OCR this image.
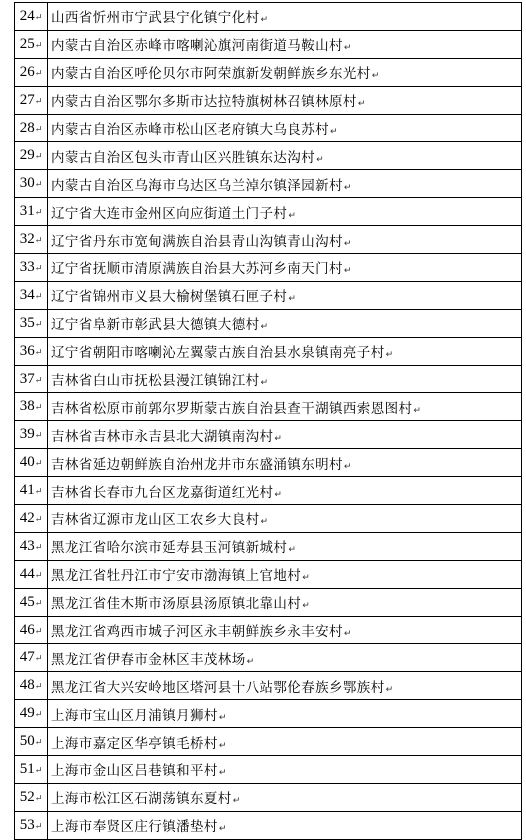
24↵	山西省忻州市宁武县宁化镇宁化村↵
25↵	内蒙古自治区赤峰市喀喇沁旗河南街道马鞍山村↵
26↵	内蒙古自治区呼伦贝尔市阿荣旗新发朝鲜族乡东光村↵
27↵	内蒙古自治区鄂尔多斯市达拉特旗树林召镇林原村↵
28↵	内蒙古自治区赤峰市松山区老府镇大乌良苏村↵
29↵	内蒙古自治区包头市青山区兴胜镇东达沟村↵
30↵	内蒙古自治区乌海市乌达区乌兰淖尔镇泽园新村↵
31↵	辽宁省大连市金州区向应街道土门子村↵
32↵	辽宁省丹东市宽甸满族自治县青山沟镇青山沟村↵
33↵	辽宁省抚顺市清原满族自治县大苏河乡南天门村↵
34↵	辽宁省锦州市义县大榆树堡镇石匣子村↵
35↵	辽宁省阜新市彰武县大德镇大德村↵
36↵	辽宁省朝阳市喀喇沁左翼蒙古族自治县水泉镇南亮子村↵
37↵	吉林省白山市抚松县漫江镇锦江村↵
38↵	吉林省松原市前郭尔罗斯蒙古族自治县查干湖镇西索恩图村↵
39↵	吉林省吉林市永吉县北大湖镇南沟村↵
40↵	吉林省延边朝鲜族自治州龙井市东盛涌镇东明村↵
41↵	吉林省长春市九台区龙嘉街道红光村↵
42↵	吉林省辽源市龙山区工农乡大良村↵
43↵	黑龙江省哈尔滨市延寿县玉河镇新城村↵
44↵	黑龙江省牡丹江市宁安市渤海镇上官地村↵
45↵	黑龙江省佳木斯市汤原县汤原镇北靠山村↵
46↵	黑龙江省鸡西市城子河区永丰朝鲜族乡永丰安村↵
47↵	黑龙江省伊春市金林区丰茂林场↵
48↵	黑龙江省大兴安岭地区塔河县十八站鄂伦春族乡鄂族村↵
49↵	上海市宝山区月浦镇月狮村↵
50↵	上海市嘉定区华亭镇毛桥村↵
51↵	上海市金山区吕巷镇和平村↵
52↵	上海市松江区石湖荡镇东夏村↵
53↵	上海市奉贤区庄行镇潘垫村↵
